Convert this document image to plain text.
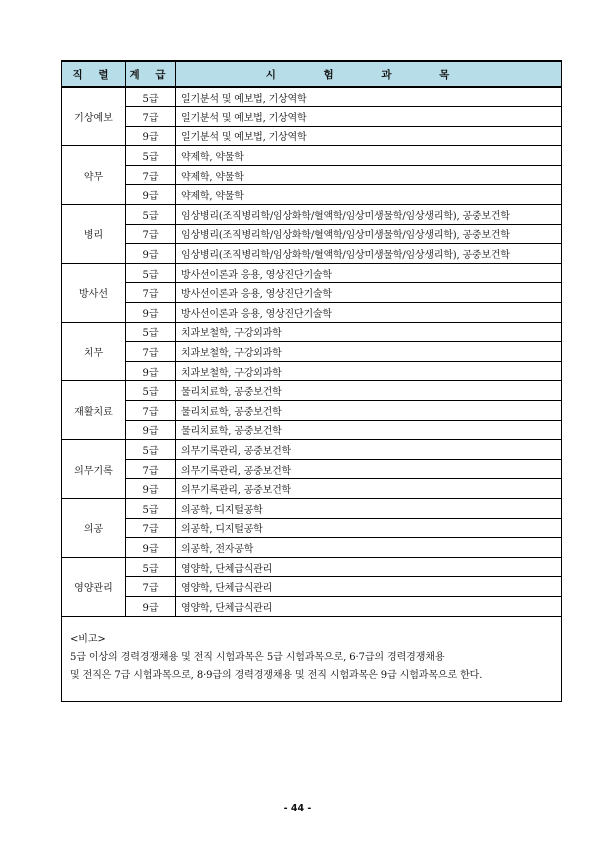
직 렬	계 급	시 험 과 목
기상예보	5급	일기분석 및 예보법, 기상역학
	7급	일기분석 및 예보법, 기상역학
	9급	일기분석 및 예보법, 기상역학
약무	5급	약제학, 약물학
	7급	약제학, 약물학
	9급	약제학, 약물학
병리	5급	임상병리(조직병리학/임상화학/혈액학/임상미생물학/임상생리학), 공중보건학
	7급	임상병리(조직병리학/임상화학/혈액학/임상미생물학/임상생리학), 공중보건학
	9급	임상병리(조직병리학/임상화학/혈액학/임상미생물학/임상생리학), 공중보건학
방사선	5급	방사선이론과 응용, 영상진단기술학
	7급	방사선이론과 응용, 영상진단기술학
	9급	방사선이론과 응용, 영상진단기술학
치무	5급	치과보철학, 구강외과학
	7급	치과보철학, 구강외과학
	9급	치과보철학, 구강외과학
재활치료	5급	물리치료학, 공중보건학
	7급	물리치료학, 공중보건학
	9급	물리치료학, 공중보건학
의무기록	5급	의무기록관리, 공중보건학
	7급	의무기록관리, 공중보건학
	9급	의무기록관리, 공중보건학
의공	5급	의공학, 디지털공학
	7급	의공학, 디지털공학
	9급	의공학, 전자공학
영양관리	5급	영양학, 단체급식관리
	7급	영양학, 단체급식관리
	9급	영양학, 단체급식관리
<비고>
5급 이상의 경력경쟁채용 및 전직 시험과목은 5급 시험과목으로, 6·7급의 경력경쟁채용
및 전직은 7급 시험과목으로, 8·9급의 경력경쟁채용 및 전직 시험과목은 9급 시험과목으로 한다.
- 44 -
